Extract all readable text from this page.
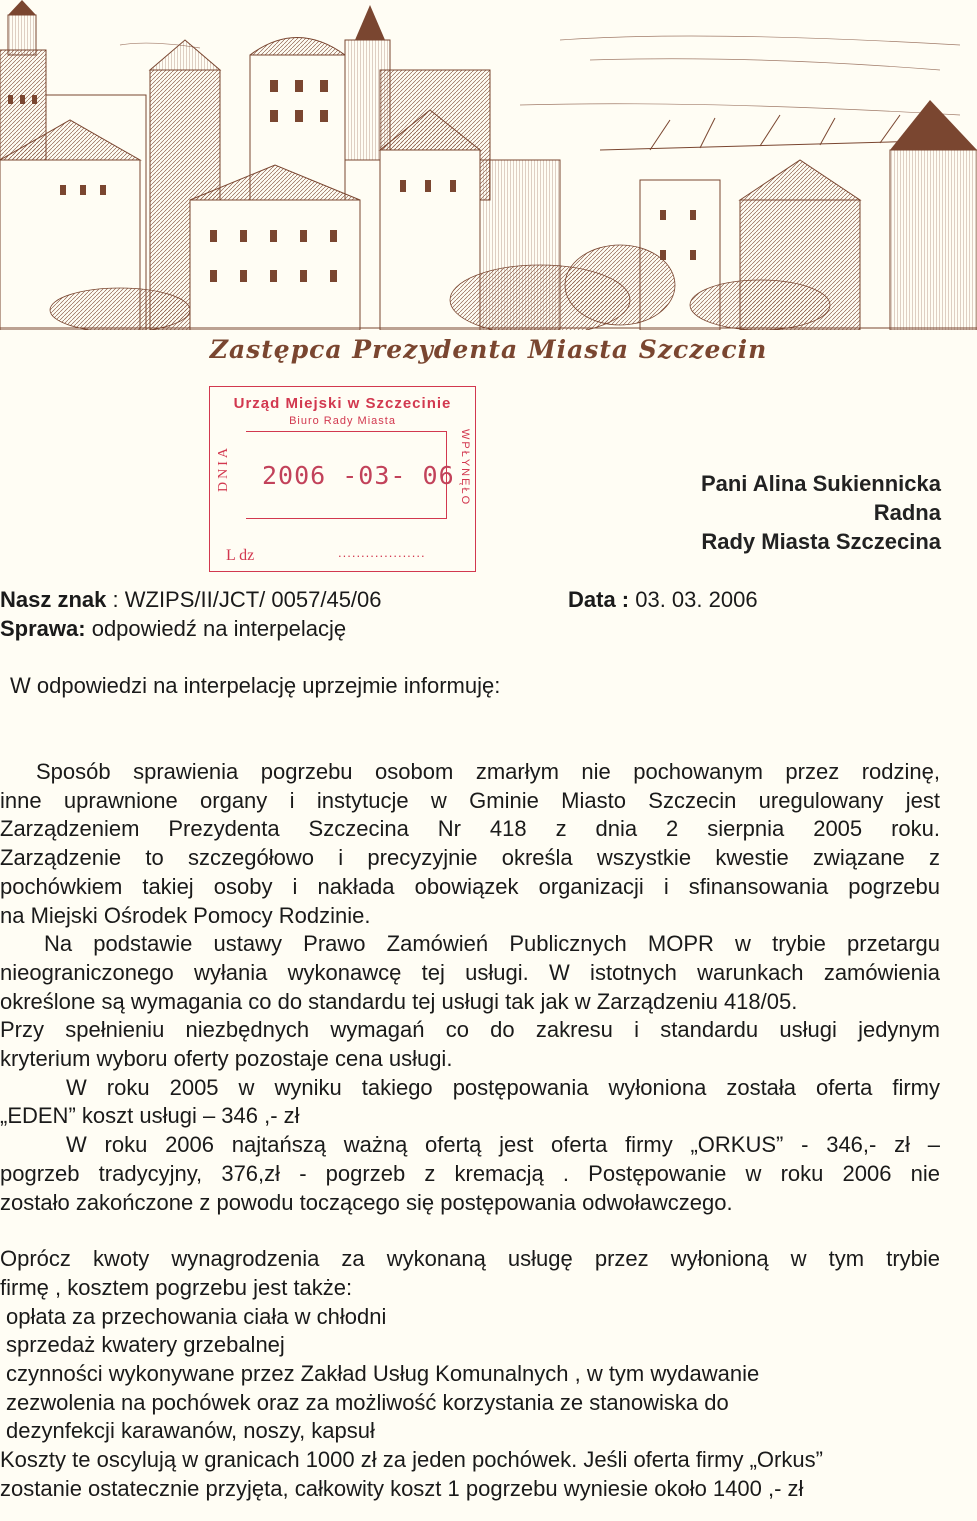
Zastępca Prezydenta Miasta Szczecin
Urząd Miejski w Szczecinie
Biuro Rady Miasta
DNIA	WPŁYNĘŁO
2006 -03- 06
L dz	...................
Pani Alina Sukiennicka
Radna
Rady Miasta Szczecina
Nasz znak : WZIPS/II/JCT/ 0057/45/06
Sprawa: odpowiedź na interpelację
Data : 03. 03. 2006
W odpowiedzi na interpelację uprzejmie informuję:
Sposób sprawienia pogrzebu osobom zmarłym nie pochowanym przez rodzinę,
inne uprawnione organy i instytucje w Gminie Miasto Szczecin uregulowany jest
Zarządzeniem Prezydenta Szczecina Nr 418 z dnia 2 sierpnia 2005 roku.
Zarządzenie to szczegółowo i precyzyjnie określa wszystkie kwestie związane z
pochówkiem takiej osoby i nakłada obowiązek organizacji i sfinansowania pogrzebu
na Miejski Ośrodek Pomocy Rodzinie.
Na podstawie ustawy Prawo Zamówień Publicznych MOPR w trybie przetargu
nieograniczonego wyłania wykonawcę tej usługi. W istotnych warunkach zamówienia
określone są wymagania co do standardu tej usługi tak jak w Zarządzeniu 418/05.
Przy spełnieniu niezbędnych wymagań co do zakresu i standardu usługi jedynym
kryterium wyboru oferty pozostaje cena usługi.
W roku 2005 w wyniku takiego postępowania wyłoniona została oferta firmy
„EDEN” koszt usługi – 346 ,- zł
W roku 2006 najtańszą ważną ofertą jest oferta firmy „ORKUS” - 346,- zł –
pogrzeb tradycyjny, 376,zł - pogrzeb z kremacją . Postępowanie w roku 2006 nie
zostało zakończone z powodu toczącego się postępowania odwoławczego.
Oprócz kwoty wynagrodzenia za wykonaną usługę przez wyłonioną w tym trybie
firmę , kosztem pogrzebu jest także:
opłata za przechowania ciała w chłodni
sprzedaż kwatery grzebalnej
czynności wykonywane przez Zakład Usług Komunalnych , w tym wydawanie
zezwolenia na pochówek oraz za możliwość korzystania ze stanowiska do
dezynfekcji karawanów, noszy, kapsuł
Koszty te oscylują w granicach 1000 zł za jeden pochówek. Jeśli oferta firmy „Orkus”
zostanie ostatecznie przyjęta, całkowity koszt 1 pogrzebu wyniesie około 1400 ,- zł
